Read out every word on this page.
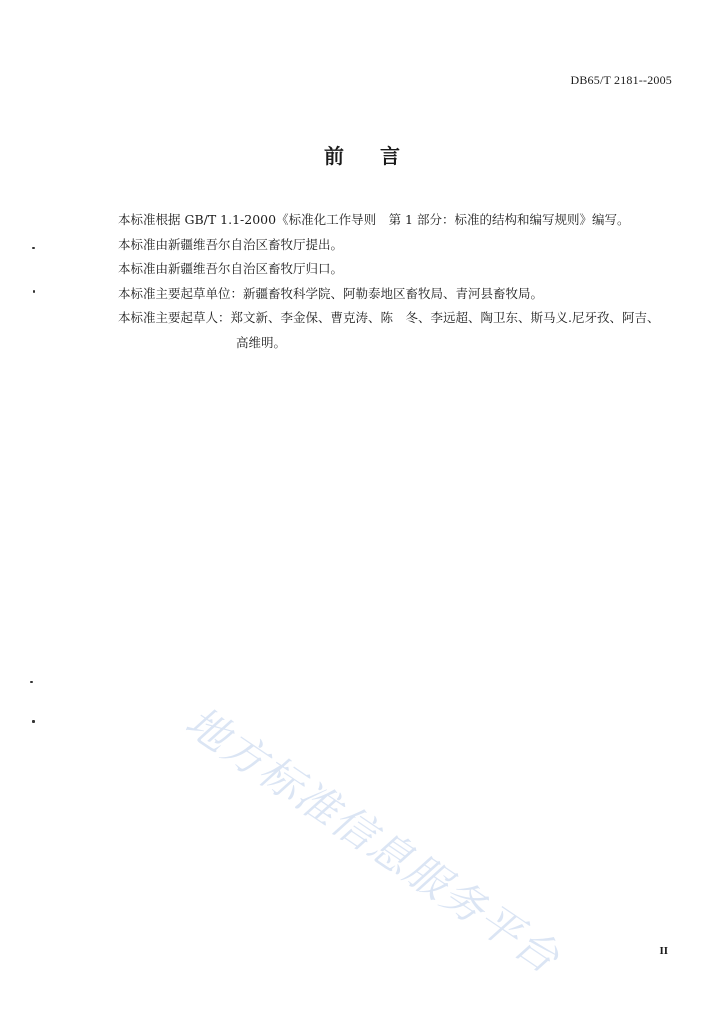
DB65/T 2181--2005
前 言

本标准根据 GB/T 1.1-2000《标准化工作导则　第 1 部分：标准的结构和编写规则》编写。

本标准由新疆维吾尔自治区畜牧厅提出。

本标准由新疆维吾尔自治区畜牧厅归口。

本标准主要起草单位：新疆畜牧科学院、阿勒泰地区畜牧局、青河县畜牧局。

本标准主要起草人：郑文新、李金保、曹克涛、陈　冬、李远超、陶卫东、斯马义.尼牙孜、阿吉、

高维明。

地方标准信息服务平台	II
